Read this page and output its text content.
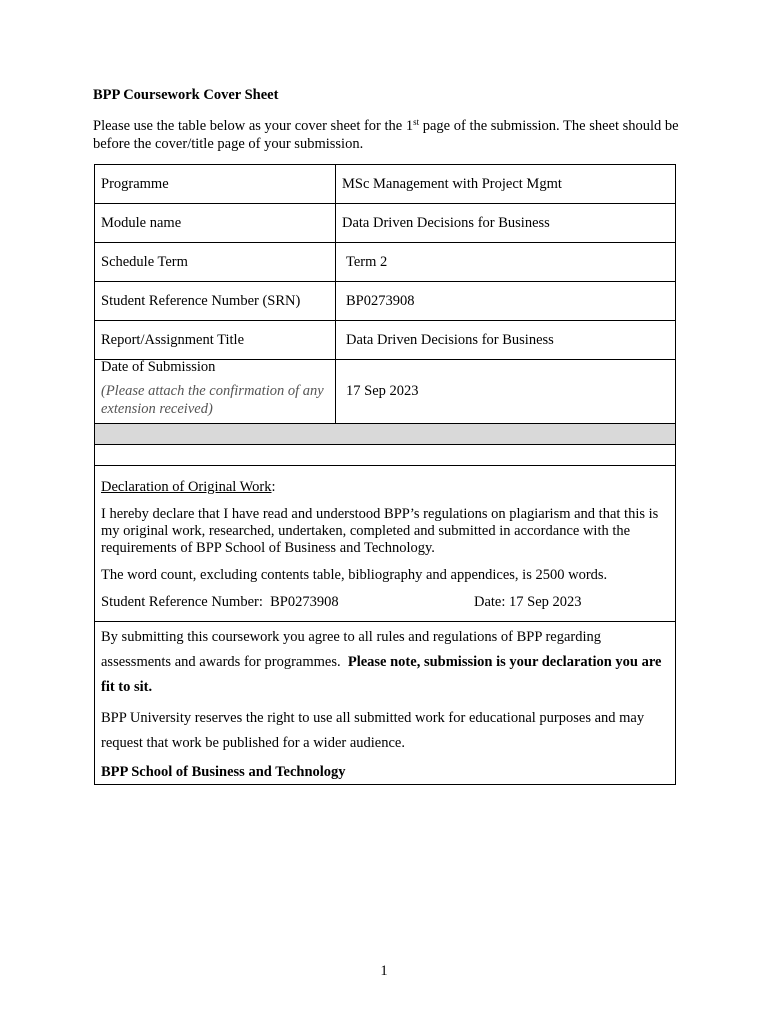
BPP Coursework Cover Sheet

Please use the table below as your cover sheet for the 1st page of the submission. The sheet should be before the cover/title page of your submission.

Programme	MSc Management with Project Mgmt
Module name	Data Driven Decisions for Business
Schedule Term	Term 2
Student Reference Number (SRN)	BP0273908
Report/Assignment Title	Data Driven Decisions for Business

Date of Submission
(Please attach the confirmation of any extension received)	17 Sep 2023

Declaration of Original Work:

I hereby declare that I have read and understood BPP’s regulations on plagiarism and that this is my original work, researched, undertaken, completed and submitted in accordance with the requirements of BPP School of Business and Technology.

The word count, excluding contents table, bibliography and appendices, is 2500 words.

Student Reference Number: BP0273908 Date: 17 Sep 2023	

By submitting this coursework you agree to all rules and regulations of BPP regarding assessments and awards for programmes. Please note, submission is your declaration you are fit to sit.

BPP University reserves the right to use all submitted work for educational purposes and may request that work be published for a wider audience.

BPP School of Business and Technology	

1
